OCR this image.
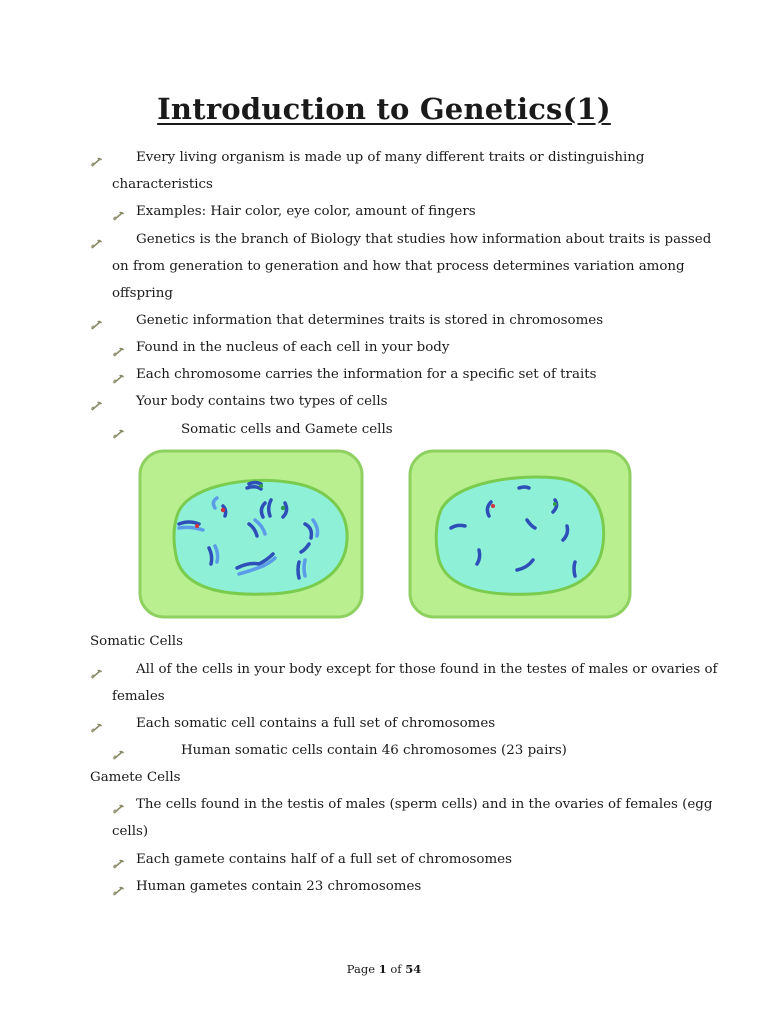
Introduction to Genetics(1)
Every living organism is made up of many different traits or distinguishing
characteristics
Examples: Hair color, eye color, amount of fingers
Genetics is the branch of Biology that studies how information about traits is passed
on from generation to generation and how that process determines variation among
offspring
Genetic information that determines traits is stored in chromosomes
Found in the nucleus of each cell in your body
Each chromosome carries the information for a specific set of traits
Your body contains two types of cells
Somatic cells and Gamete cells
Somatic Cells
All of the cells in your body except for those found in the testes of males or ovaries of
females
Each somatic cell contains a full set of chromosomes
Human somatic cells contain 46 chromosomes (23 pairs)
Gamete Cells
The cells found in the testis of males (sperm cells) and in the ovaries of females (egg
cells)
Each gamete contains half of a full set of chromosomes
Human gametes contain 23 chromosomes
Page 1 of 54
